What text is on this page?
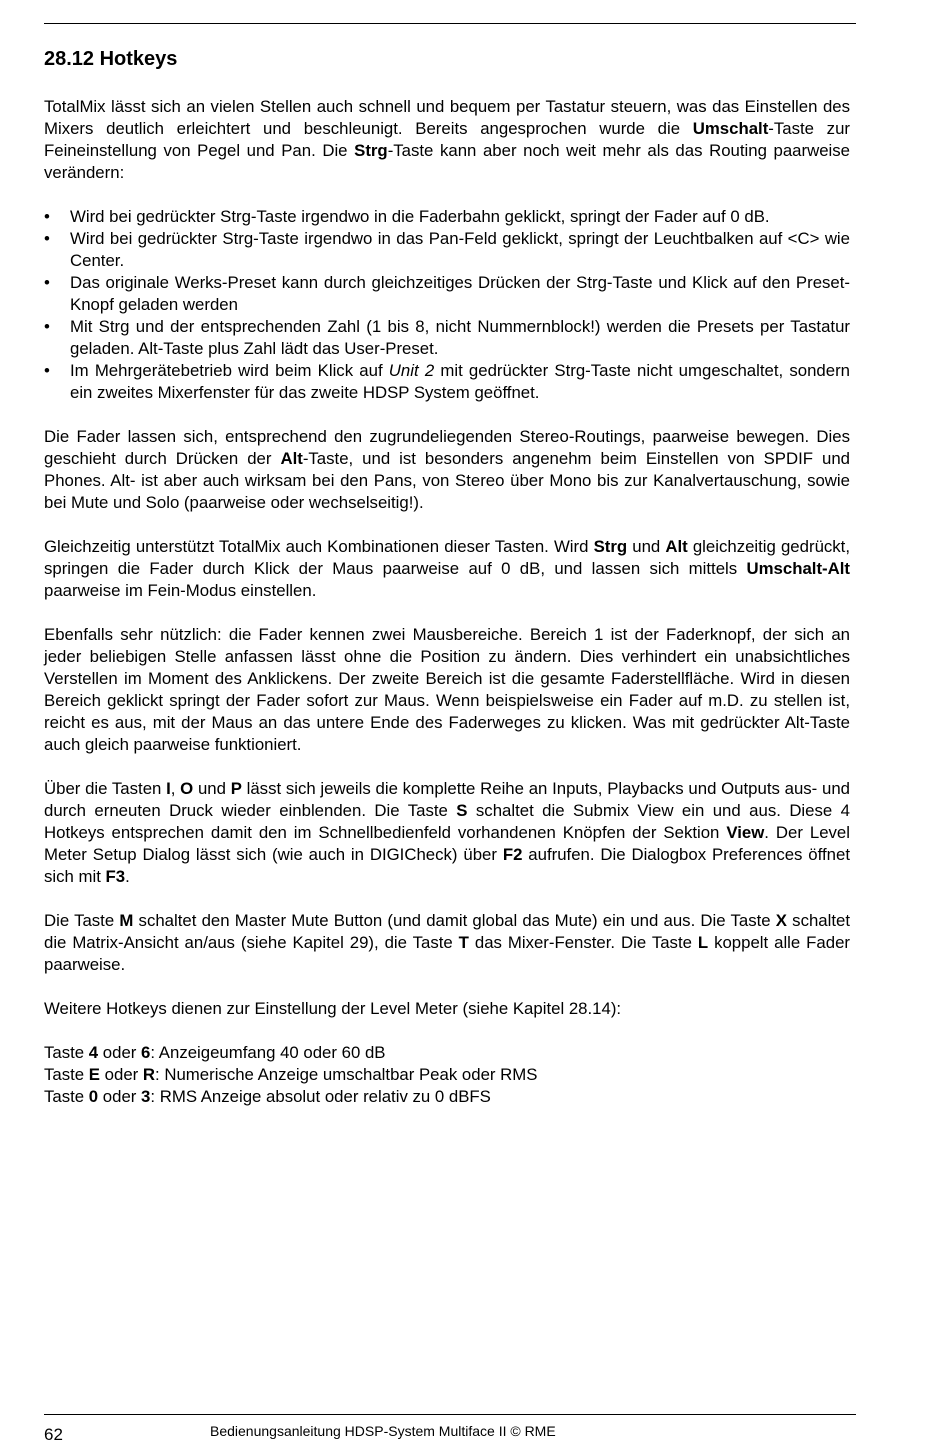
28.12 Hotkeys

TotalMix lässt sich an vielen Stellen auch schnell und bequem per Tastatur steuern, was das Einstellen des Mixers deutlich erleichtert und beschleunigt. Bereits angesprochen wurde die Umschalt-Taste zur Feineinstellung von Pegel und Pan. Die Strg-Taste kann aber noch weit mehr als das Routing paarweise verändern:

• Wird bei gedrückter Strg-Taste irgendwo in die Faderbahn geklickt, springt der Fader auf 0 dB.
• Wird bei gedrückter Strg-Taste irgendwo in das Pan-Feld geklickt, springt der Leuchtbalken auf <C> wie Center.
• Das originale Werks-Preset kann durch gleichzeitiges Drücken der Strg-Taste und Klick auf den Preset-Knopf geladen werden
• Mit Strg und der entsprechenden Zahl (1 bis 8, nicht Nummernblock!) werden die Presets per Tastatur geladen. Alt-Taste plus Zahl lädt das User-Preset.
• Im Mehrgerätebetrieb wird beim Klick auf Unit 2 mit gedrückter Strg-Taste nicht umgeschaltet, sondern ein zweites Mixerfenster für das zweite HDSP System geöffnet.

Die Fader lassen sich, entsprechend den zugrundeliegenden Stereo-Routings, paarweise bewegen. Dies geschieht durch Drücken der Alt-Taste, und ist besonders angenehm beim Einstellen von SPDIF und Phones. Alt- ist aber auch wirksam bei den Pans, von Stereo über Mono bis zur Kanalvertauschung, sowie bei Mute und Solo (paarweise oder wechselseitig!).

Gleichzeitig unterstützt TotalMix auch Kombinationen dieser Tasten. Wird Strg und Alt gleichzeitig gedrückt, springen die Fader durch Klick der Maus paarweise auf 0 dB, und lassen sich mittels Umschalt-Alt paarweise im Fein-Modus einstellen.

Ebenfalls sehr nützlich: die Fader kennen zwei Mausbereiche. Bereich 1 ist der Faderknopf, der sich an jeder beliebigen Stelle anfassen lässt ohne die Position zu ändern. Dies verhindert ein unabsichtliches Verstellen im Moment des Anklickens. Der zweite Bereich ist die gesamte Faderstellfläche. Wird in diesen Bereich geklickt springt der Fader sofort zur Maus. Wenn beispielsweise ein Fader auf m.D. zu stellen ist, reicht es aus, mit der Maus an das untere Ende des Faderweges zu klicken. Was mit gedrückter Alt-Taste auch gleich paarweise funktioniert.

Über die Tasten I, O und P lässt sich jeweils die komplette Reihe an Inputs, Playbacks und Outputs aus- und durch erneuten Druck wieder einblenden. Die Taste S schaltet die Submix View ein und aus. Diese 4 Hotkeys entsprechen damit den im Schnellbedienfeld vorhandenen Knöpfen der Sektion View. Der Level Meter Setup Dialog lässt sich (wie auch in DIGICheck) über F2 aufrufen. Die Dialogbox Preferences öffnet sich mit F3.

Die Taste M schaltet den Master Mute Button (und damit global das Mute) ein und aus. Die Taste X schaltet die Matrix-Ansicht an/aus (siehe Kapitel 29), die Taste T das Mixer-Fenster. Die Taste L koppelt alle Fader paarweise.

Weitere Hotkeys dienen zur Einstellung der Level Meter (siehe Kapitel 28.14):

Taste 4 oder 6: Anzeigeumfang 40 oder 60 dB

Taste E oder R: Numerische Anzeige umschaltbar Peak oder RMS

Taste 0 oder 3: RMS Anzeige absolut oder relativ zu 0 dBFS

62	Bedienungsanleitung HDSP-System Multiface II © RME
